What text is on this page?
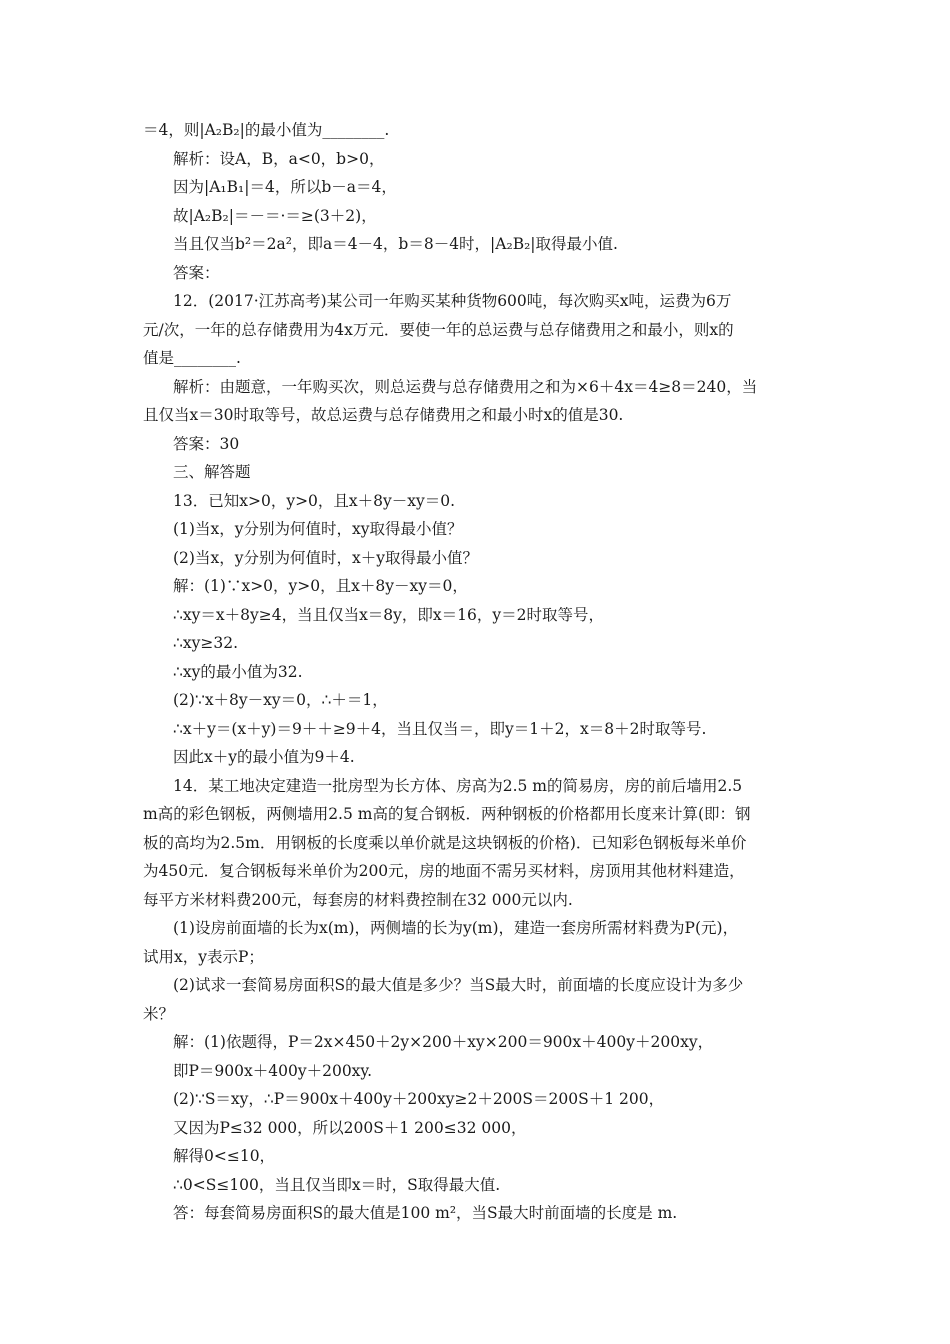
＝4，则|A₂B₂|的最小值为________.
解析：设A，B，a<0，b>0，
因为|A₁B₁|＝4，所以b－a＝4，
故|A₂B₂|＝－＝·＝≥(3＋2)，
当且仅当b²＝2a²，即a＝4－4，b＝8－4时，|A₂B₂|取得最小值.
答案：
12．(2017·江苏高考)某公司一年购买某种货物600吨，每次购买x吨，运费为6万
元/次，一年的总存储费用为4x万元．要使一年的总运费与总存储费用之和最小，则x的
值是________.
解析：由题意，一年购买次，则总运费与总存储费用之和为×6＋4x＝4≥8＝240，当
且仅当x＝30时取等号，故总运费与总存储费用之和最小时x的值是30.
答案：30
三、解答题
13．已知x>0，y>0，且x＋8y－xy＝0.
(1)当x，y分别为何值时，xy取得最小值？
(2)当x，y分别为何值时，x＋y取得最小值？
解：(1)∵x>0，y>0，且x＋8y－xy＝0，
∴xy＝x＋8y≥4，当且仅当x＝8y，即x＝16，y＝2时取等号，
∴xy≥32.
∴xy的最小值为32.
(2)∵x＋8y－xy＝0，∴＋＝1，
∴x＋y＝(x＋y)＝9＋＋≥9＋4，当且仅当＝，即y＝1＋2，x＝8＋2时取等号.
因此x＋y的最小值为9＋4.
14．某工地决定建造一批房型为长方体、房高为2.5 m的简易房，房的前后墙用2.5
m高的彩色钢板，两侧墙用2.5 m高的复合钢板．两种钢板的价格都用长度来计算(即：钢
板的高均为2.5m．用钢板的长度乘以单价就是这块钢板的价格)．已知彩色钢板每米单价
为450元．复合钢板每米单价为200元，房的地面不需另买材料，房顶用其他材料建造，
每平方米材料费200元，每套房的材料费控制在32 000元以内.
(1)设房前面墙的长为x(m)，两侧墙的长为y(m)，建造一套房所需材料费为P(元)，
试用x，y表示P；
(2)试求一套简易房面积S的最大值是多少？当S最大时，前面墙的长度应设计为多少
米？
解：(1)依题得，P＝2x×450＋2y×200＋xy×200＝900x＋400y＋200xy，
即P＝900x＋400y＋200xy.
(2)∵S＝xy，∴P＝900x＋400y＋200xy≥2＋200S＝200S＋1 200，
又因为P≤32 000，所以200S＋1 200≤32 000，
解得0<≤10，
∴0<S≤100，当且仅当即x＝时，S取得最大值.
答：每套简易房面积S的最大值是100 m²，当S最大时前面墙的长度是 m.
